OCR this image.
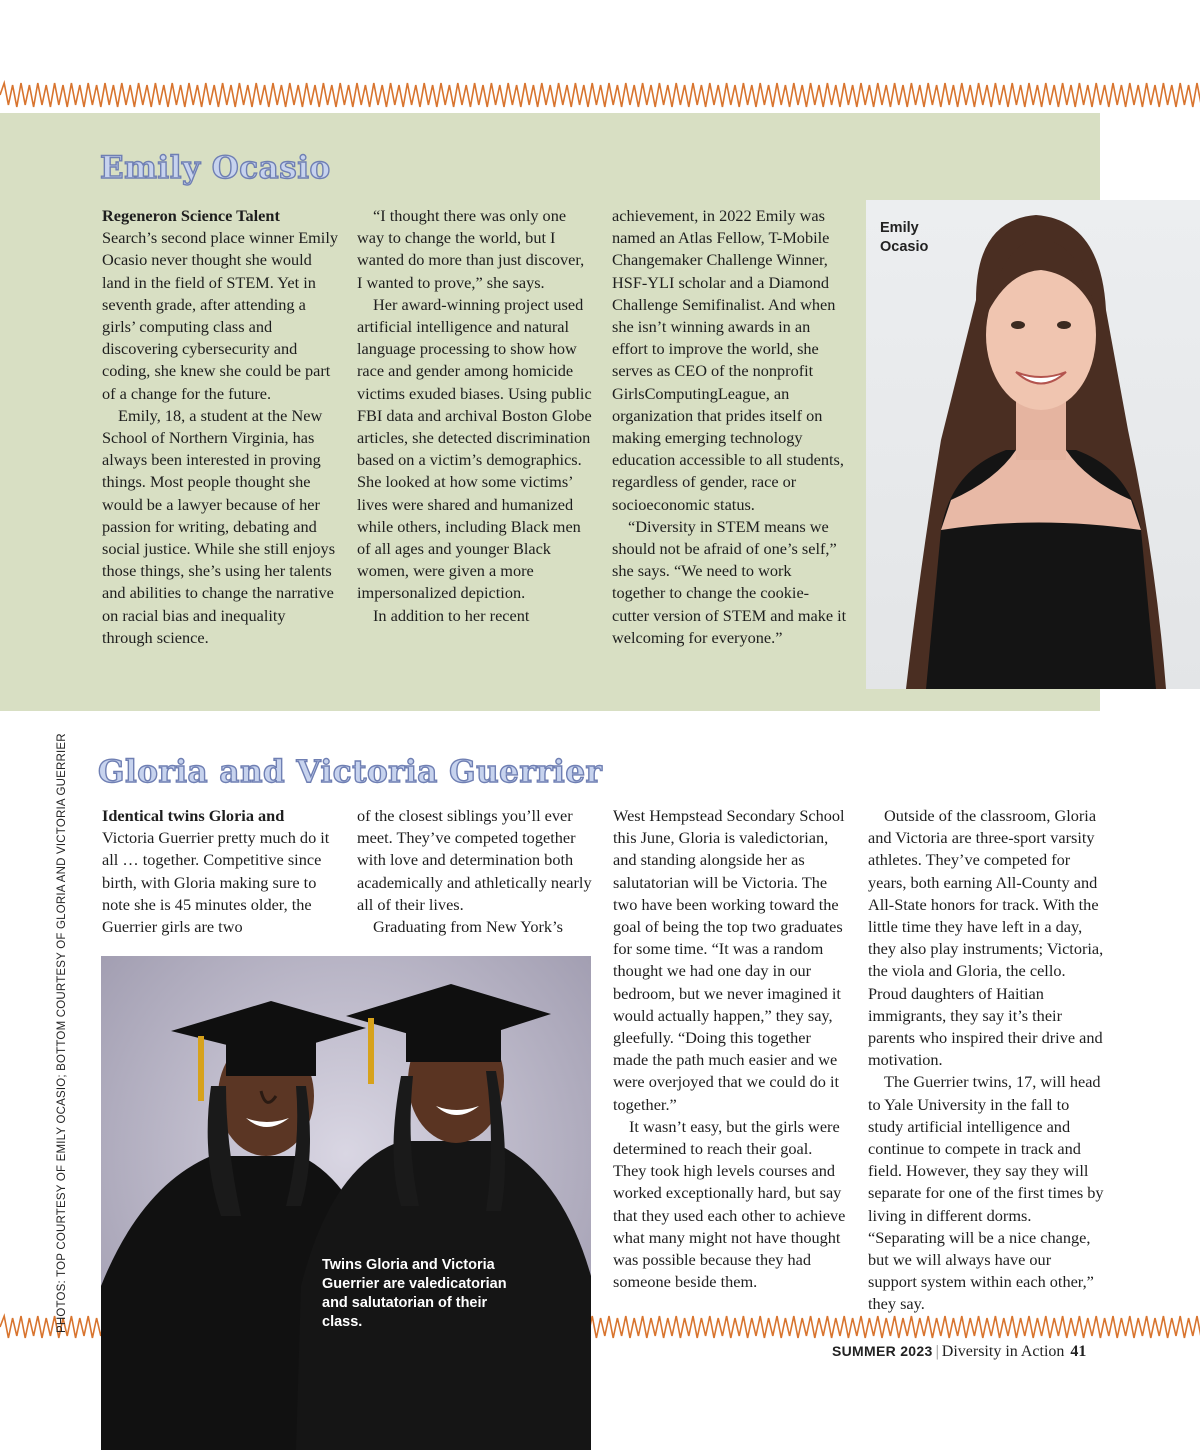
Emily Ocasio

Regeneron Science Talent Search’s second place winner Emily Ocasio never thought she would land in the field of STEM. Yet in seventh grade, after attending a girls’ computing class and discovering cybersecurity and coding, she knew she could be part of a change for the future.

Emily, 18, a student at the New School of Northern Virginia, has always been interested in proving things. Most people thought she would be a lawyer because of her passion for writing, debating and social justice. While she still enjoys those things, she’s using her talents and abilities to change the narrative on racial bias and inequality through science.

“I thought there was only one way to change the world, but I wanted do more than just discover, I wanted to prove,” she says.

Her award-winning project used artificial intelligence and natural language processing to show how race and gender among homicide victims exuded biases. Using public FBI data and archival Boston Globe articles, she detected discrimination based on a victim’s demographics. She looked at how some victims’ lives were shared and humanized while others, including Black men of all ages and younger Black women, were given a more impersonalized depiction.

In addition to her recent

achievement, in 2022 Emily was named an Atlas Fellow, T-Mobile Changemaker Challenge Winner, HSF-YLI scholar and a Diamond Challenge Semifinalist. And when she isn’t winning awards in an effort to improve the world, she serves as CEO of the nonprofit GirlsComputingLeague, an organization that prides itself on making emerging technology education accessible to all students, regardless of gender, race or socioeconomic status.

“Diversity in STEM means we should not be afraid of one’s self,” she says. “We need to work together to change the cookie- cutter version of STEM and make it welcoming for everyone.”

Emily Ocasio
Gloria and Victoria Guerrier

Identical twins Gloria and Victoria Guerrier pretty much do it all … together. Competitive since birth, with Gloria making sure to note she is 45 minutes older, the Guerrier girls are two

of the closest siblings you’ll ever meet. They’ve competed together with love and determination both academically and athletically nearly all of their lives.

Graduating from New York’s

West Hempstead Secondary School this June, Gloria is valedictorian, and standing alongside her as salutatorian will be Victoria. The two have been working toward the goal of being the top two graduates for some time. “It was a random thought we had one day in our bedroom, but we never imagined it would actually happen,” they say, gleefully. “Doing this together made the path much easier and we were overjoyed that we could do it together.”

It wasn’t easy, but the girls were determined to reach their goal. They took high levels courses and worked exceptionally hard, but say that they used each other to achieve what many might not have thought was possible because they had someone beside them.

Outside of the classroom, Gloria and Victoria are three-sport varsity athletes. They’ve competed for years, both earning All-County and All-State honors for track. With the little time they have left in a day, they also play instruments; Victoria, the viola and Gloria, the cello. Proud daughters of Haitian immigrants, they say it’s their parents who inspired their drive and motivation.

The Guerrier twins, 17, will head to Yale University in the fall to study artificial intelligence and continue to compete in track and field. However, they say they will separate for one of the first times by living in different dorms. “Separating will be a nice change, but we will always have our support system within each other,” they say.

Twins Gloria and Victoria Guerrier are valedicatorian and salutatorian of their class.
PHOTOS: TOP COURTESY OF EMILY OCASIO; BOTTOM COURTESY OF GLORIA AND VICTORIA GUERRIER
SUMMER 2023 | Diversity in Action 41
